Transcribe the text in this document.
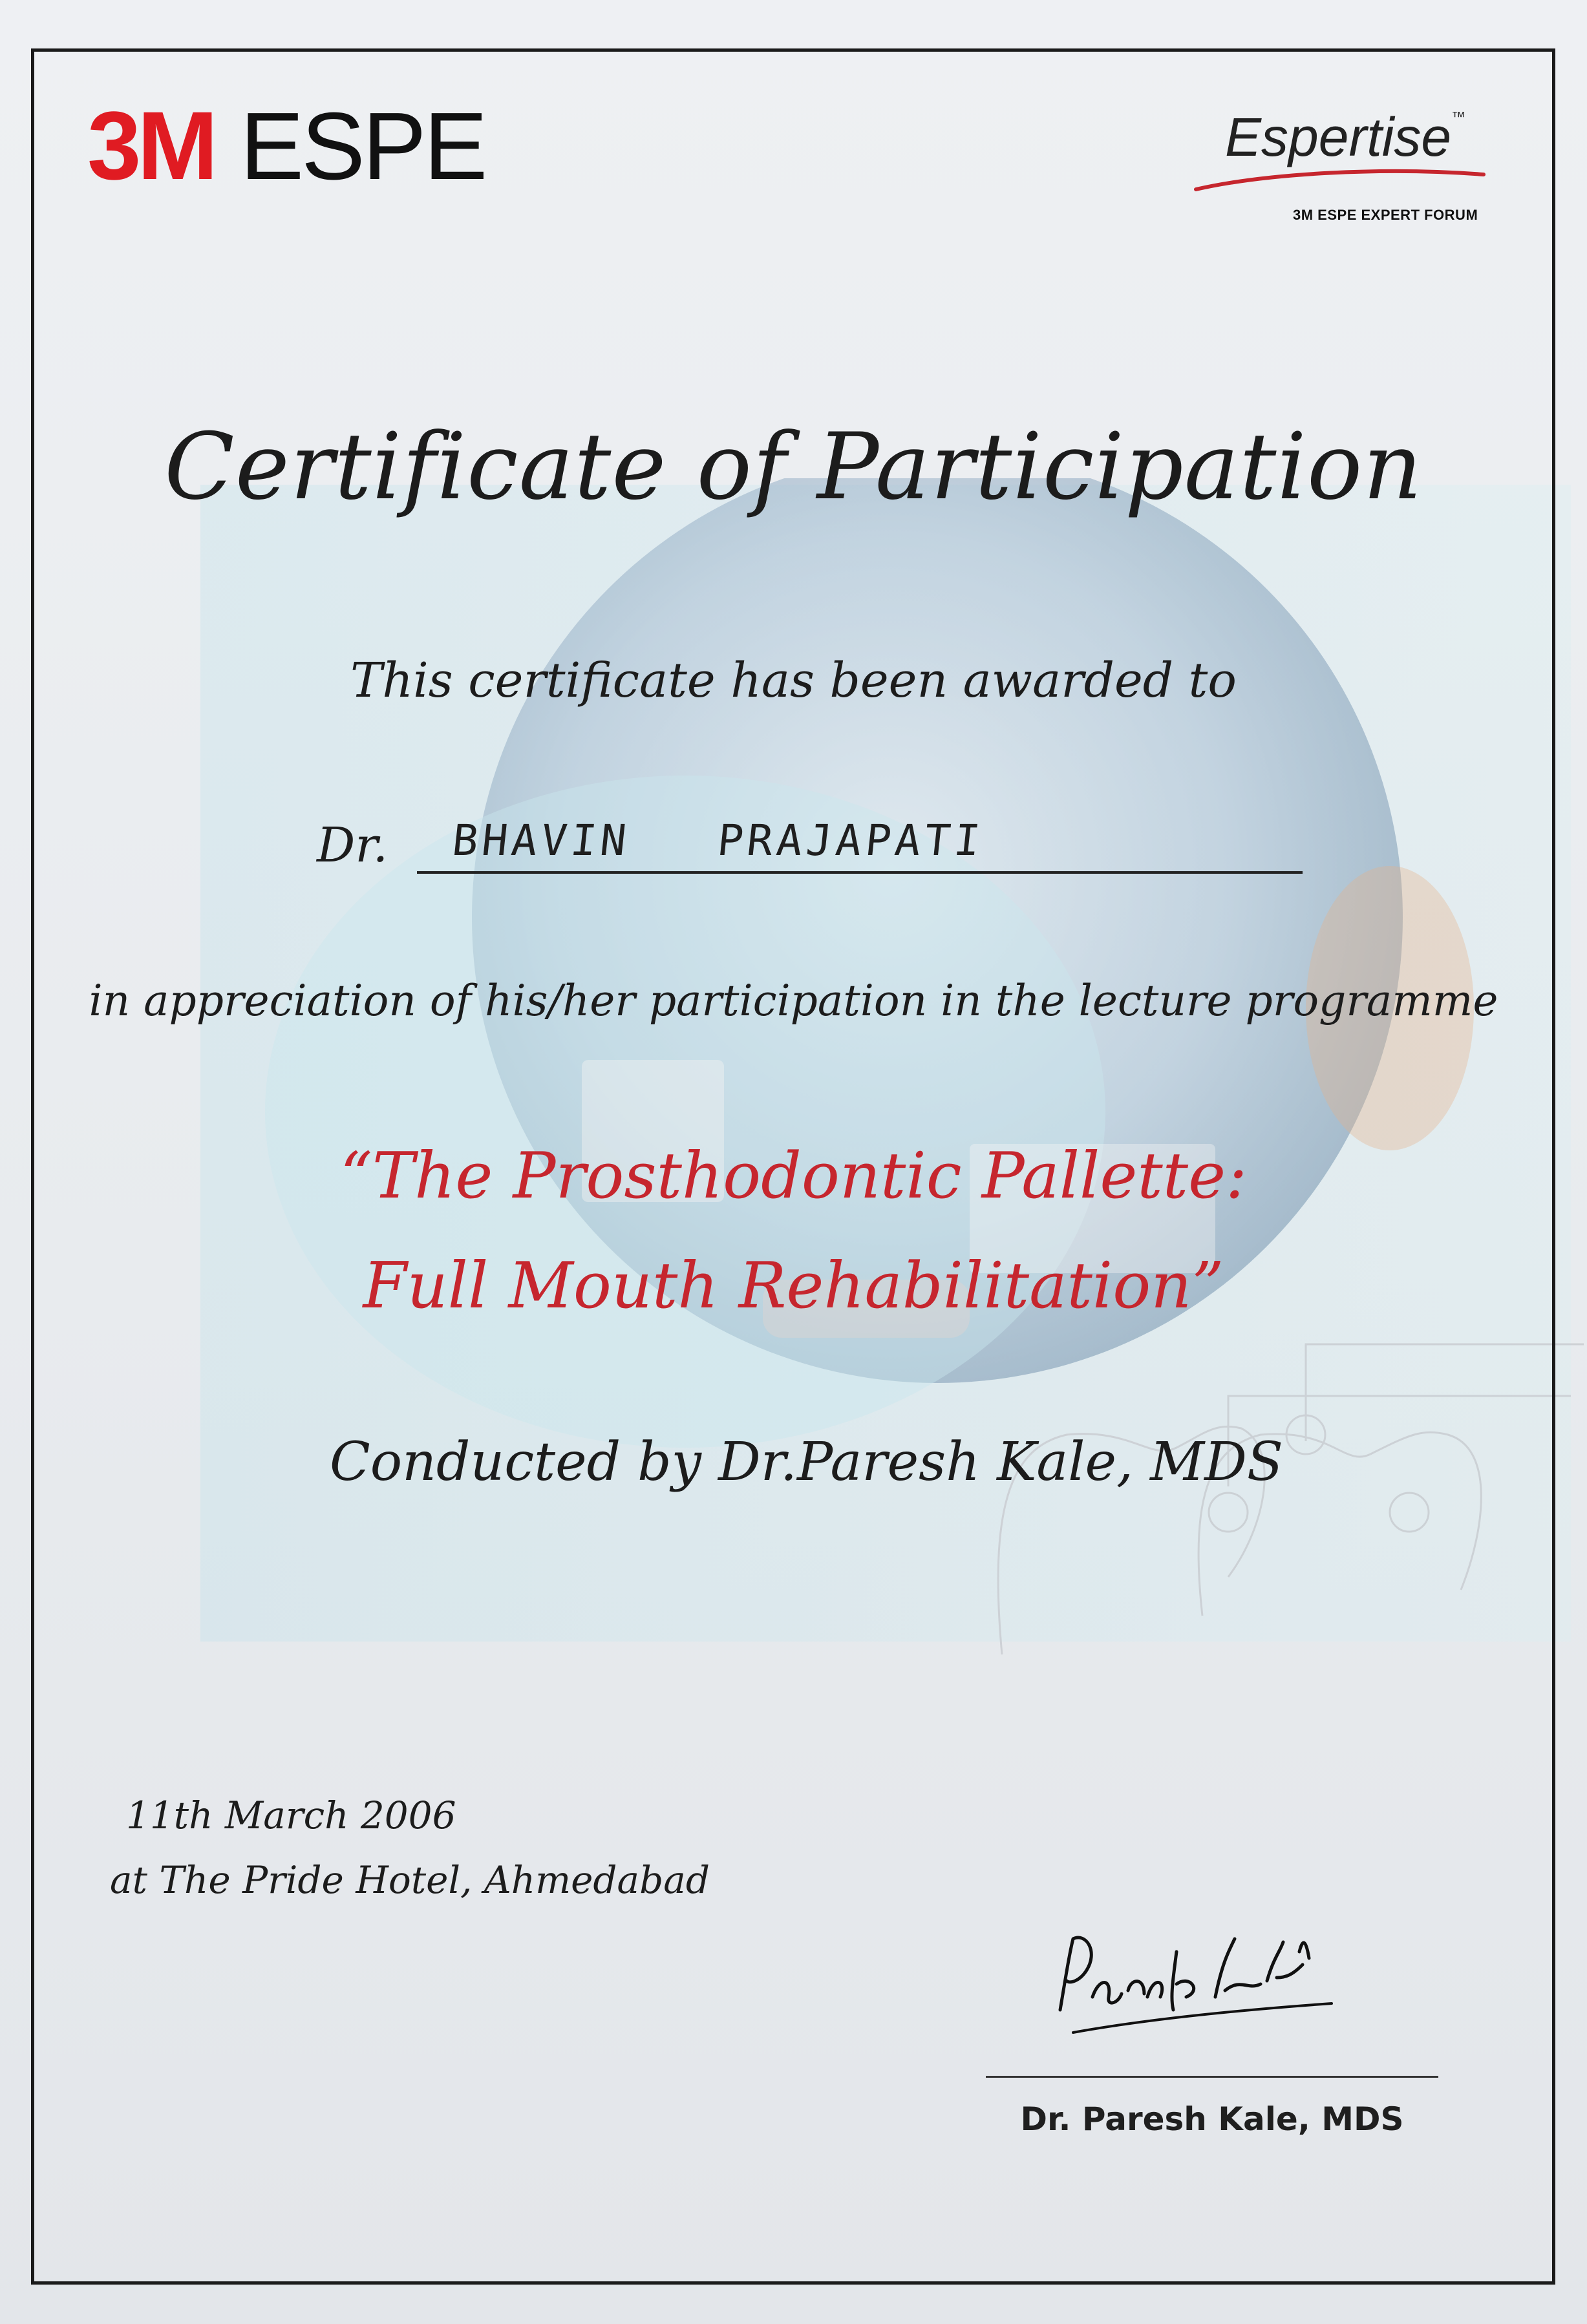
3M ESPE	Espertise™
3M ESPE EXPERT FORUM
Certificate of Participation
This certificate has been awarded to
Dr. BHAVIN PRAJAPATI
in appreciation of his/her participation in the lecture programme
“The Prosthodontic Pallette:
Full Mouth Rehabilitation”
Conducted by Dr.Paresh Kale, MDS
11th March 2006
at The Pride Hotel, Ahmedabad
Dr. Paresh Kale, MDS
